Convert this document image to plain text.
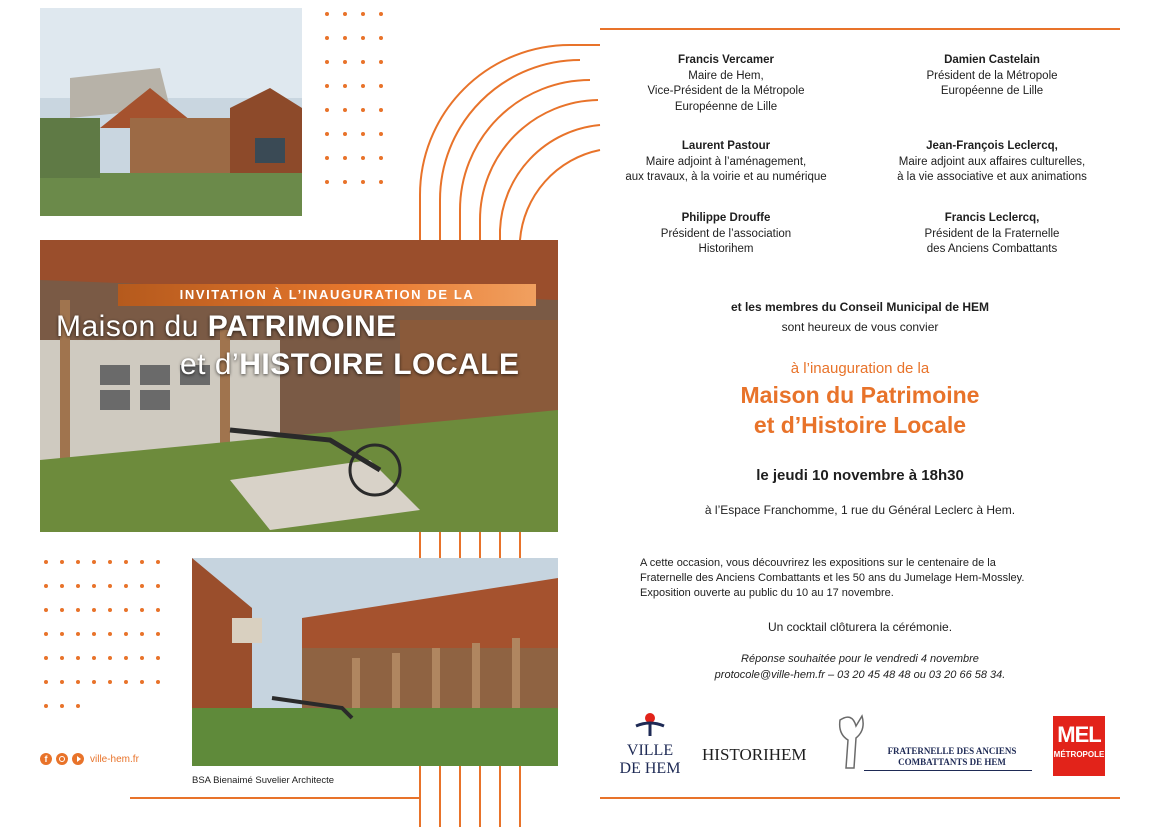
INVITATION À L’INAUGURATION DE LA
Maison du PATRIMOINE
et d’HISTOIRE LOCALE
f	ville-hem.fr
BSA Bienaimé Suvelier Architecte
Francis Vercamer
Maire de Hem,
Vice-Président de la Métropole
Européenne de Lille
Damien Castelain
Président de la Métropole
Européenne de Lille
Laurent Pastour
Maire adjoint à l’aménagement,
aux travaux, à la voirie et au numérique
Jean-François Leclercq,
Maire adjoint aux affaires culturelles,
à la vie associative et aux animations
Philippe Drouffe
Président de l’association
Historihem
Francis Leclercq,
Président de la Fraternelle
des Anciens Combattants
et les membres du Conseil Municipal de HEM
sont heureux de vous convier
à l’inauguration de la
Maison du Patrimoine
et d’Histoire Locale
le jeudi 10 novembre à 18h30
à l’Espace Franchomme, 1 rue du Général Leclerc à Hem.
A cette occasion, vous découvrirez les expositions sur le centenaire de la
Fraternelle des Anciens Combattants et les 50 ans du Jumelage Hem-Mossley.
Exposition ouverte au public du 10 au 17 novembre.
Un cocktail clôturera la cérémonie.
Réponse souhaitée pour le vendredi 4 novembre
protocole@ville-hem.fr – 03 20 45 48 48 ou 03 20 66 58 34.
VILLE
DE HEM
HISTORIHEM	FRATERNELLE DES ANCIENS
COMBATTANTS DE HEM
MEL
MÉTROPOLE
